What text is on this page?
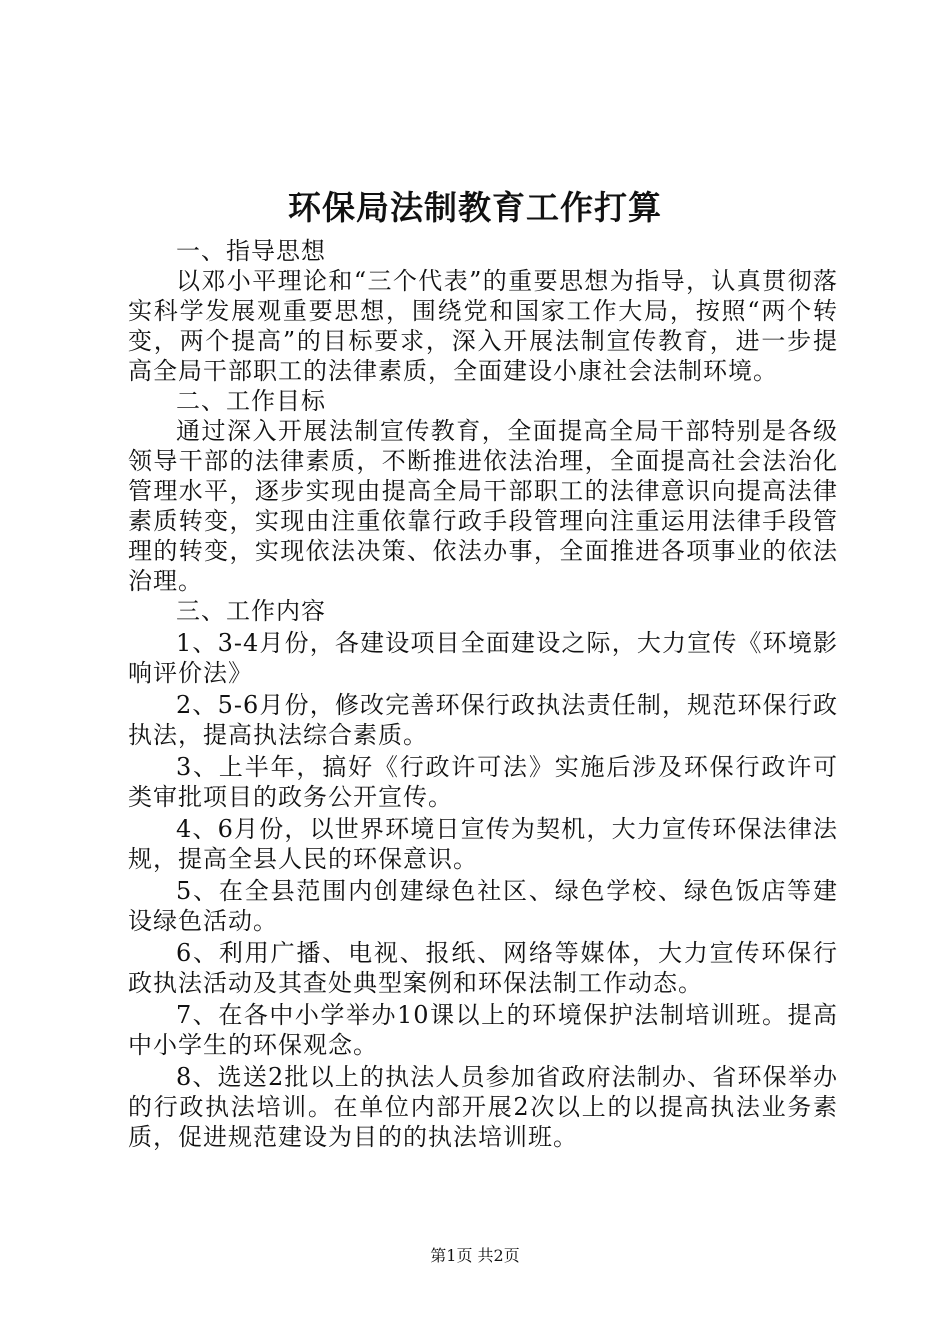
环保局法制教育工作打算

一、指导思想

以邓小平理论和“三个代表”的重要思想为指导，认真贯彻落实科学发展观重要思想，围绕党和国家工作大局，按照“两个转变，两个提高”的目标要求，深入开展法制宣传教育，进一步提高全局干部职工的法律素质，全面建设小康社会法制环境。

二、工作目标

通过深入开展法制宣传教育，全面提高全局干部特别是各级领导干部的法律素质，不断推进依法治理，全面提高社会法治化管理水平，逐步实现由提高全局干部职工的法律意识向提高法律素质转变，实现由注重依靠行政手段管理向注重运用法律手段管理的转变，实现依法决策、依法办事，全面推进各项事业的依法治理。

三、工作内容

1、3-4月份，各建设项目全面建设之际，大力宣传《环境影响评价法》

2、5-6月份，修改完善环保行政执法责任制，规范环保行政执法，提高执法综合素质。

3、上半年，搞好《行政许可法》实施后涉及环保行政许可类审批项目的政务公开宣传。

4、6月份，以世界环境日宣传为契机，大力宣传环保法律法规，提高全县人民的环保意识。

5、在全县范围内创建绿色社区、绿色学校、绿色饭店等建设绿色活动。

6、利用广播、电视、报纸、网络等媒体，大力宣传环保行政执法活动及其查处典型案例和环保法制工作动态。

7、在各中小学举办10课以上的环境保护法制培训班。提高中小学生的环保观念。

8、选送2批以上的执法人员参加省政府法制办、省环保举办的行政执法培训。在单位内部开展2次以上的以提高执法业务素质，促进规范建设为目的的执法培训班。

第1页 共2页
